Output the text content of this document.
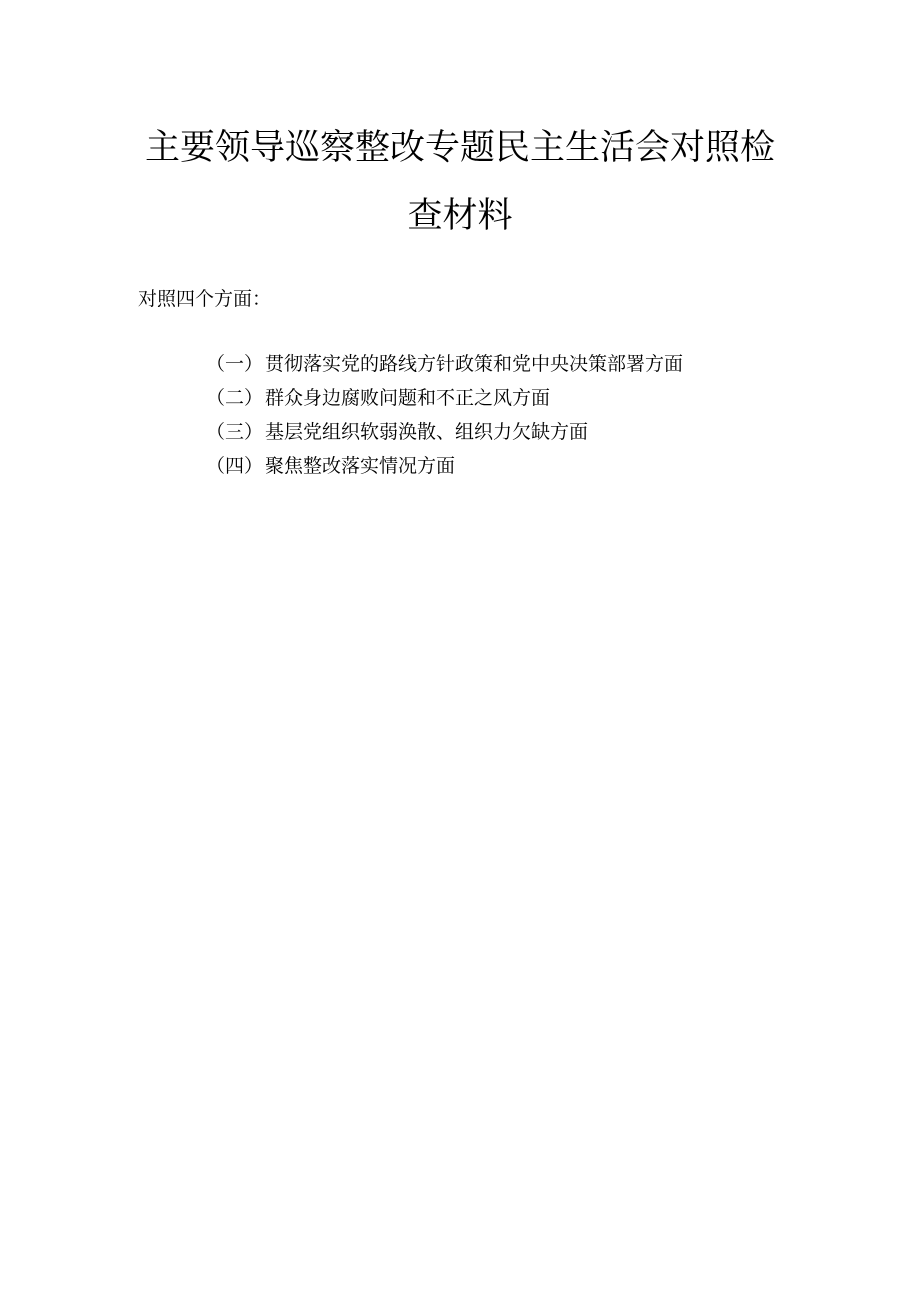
主要领导巡察整改专题民主生活会对照检
查材料
对照四个方面：
（一） 贯彻落实党的路线方针政策和党中央决策部署方面
（二） 群众身边腐败问题和不正之风方面
（三） 基层党组织软弱涣散、组织力欠缺方面
（四） 聚焦整改落实情况方面
